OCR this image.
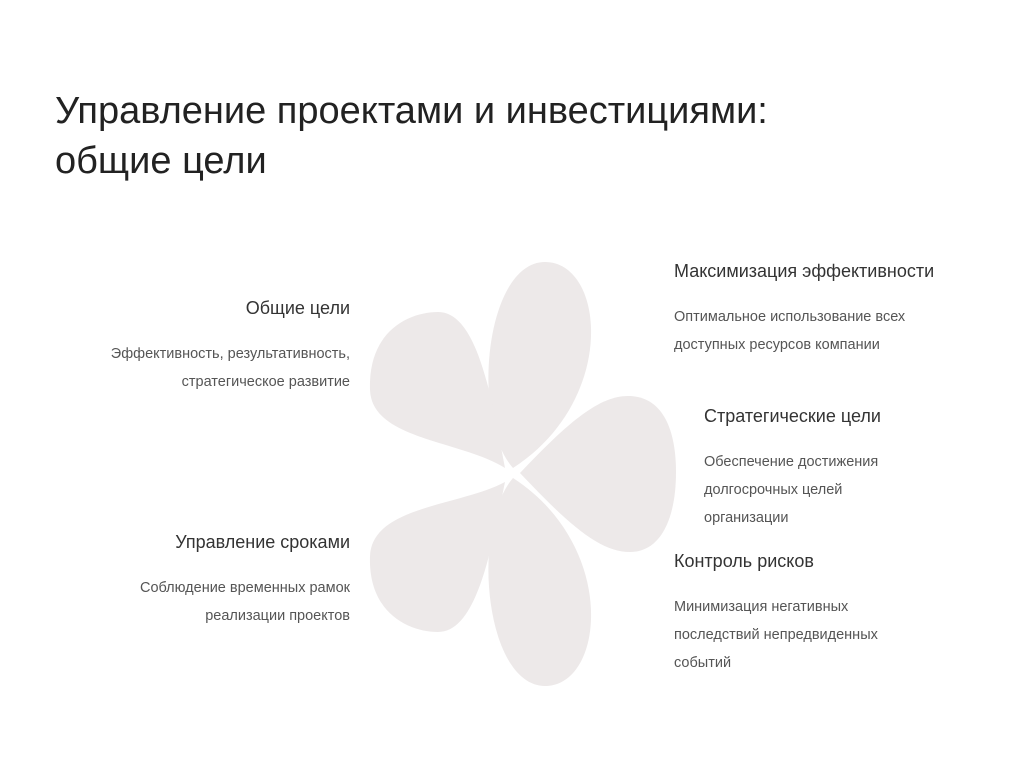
Управление проектами и инвестициями:
общие цели
Общие цели
Эффективность, результативность,
стратегическое развитие
Управление сроками
Соблюдение временных рамок
реализации проектов
Максимизация эффективности
Оптимальное использование всех
доступных ресурсов компании
Стратегические цели
Обеспечение достижения
долгосрочных целей
организации
Контроль рисков
Минимизация негативных
последствий непредвиденных
событий
